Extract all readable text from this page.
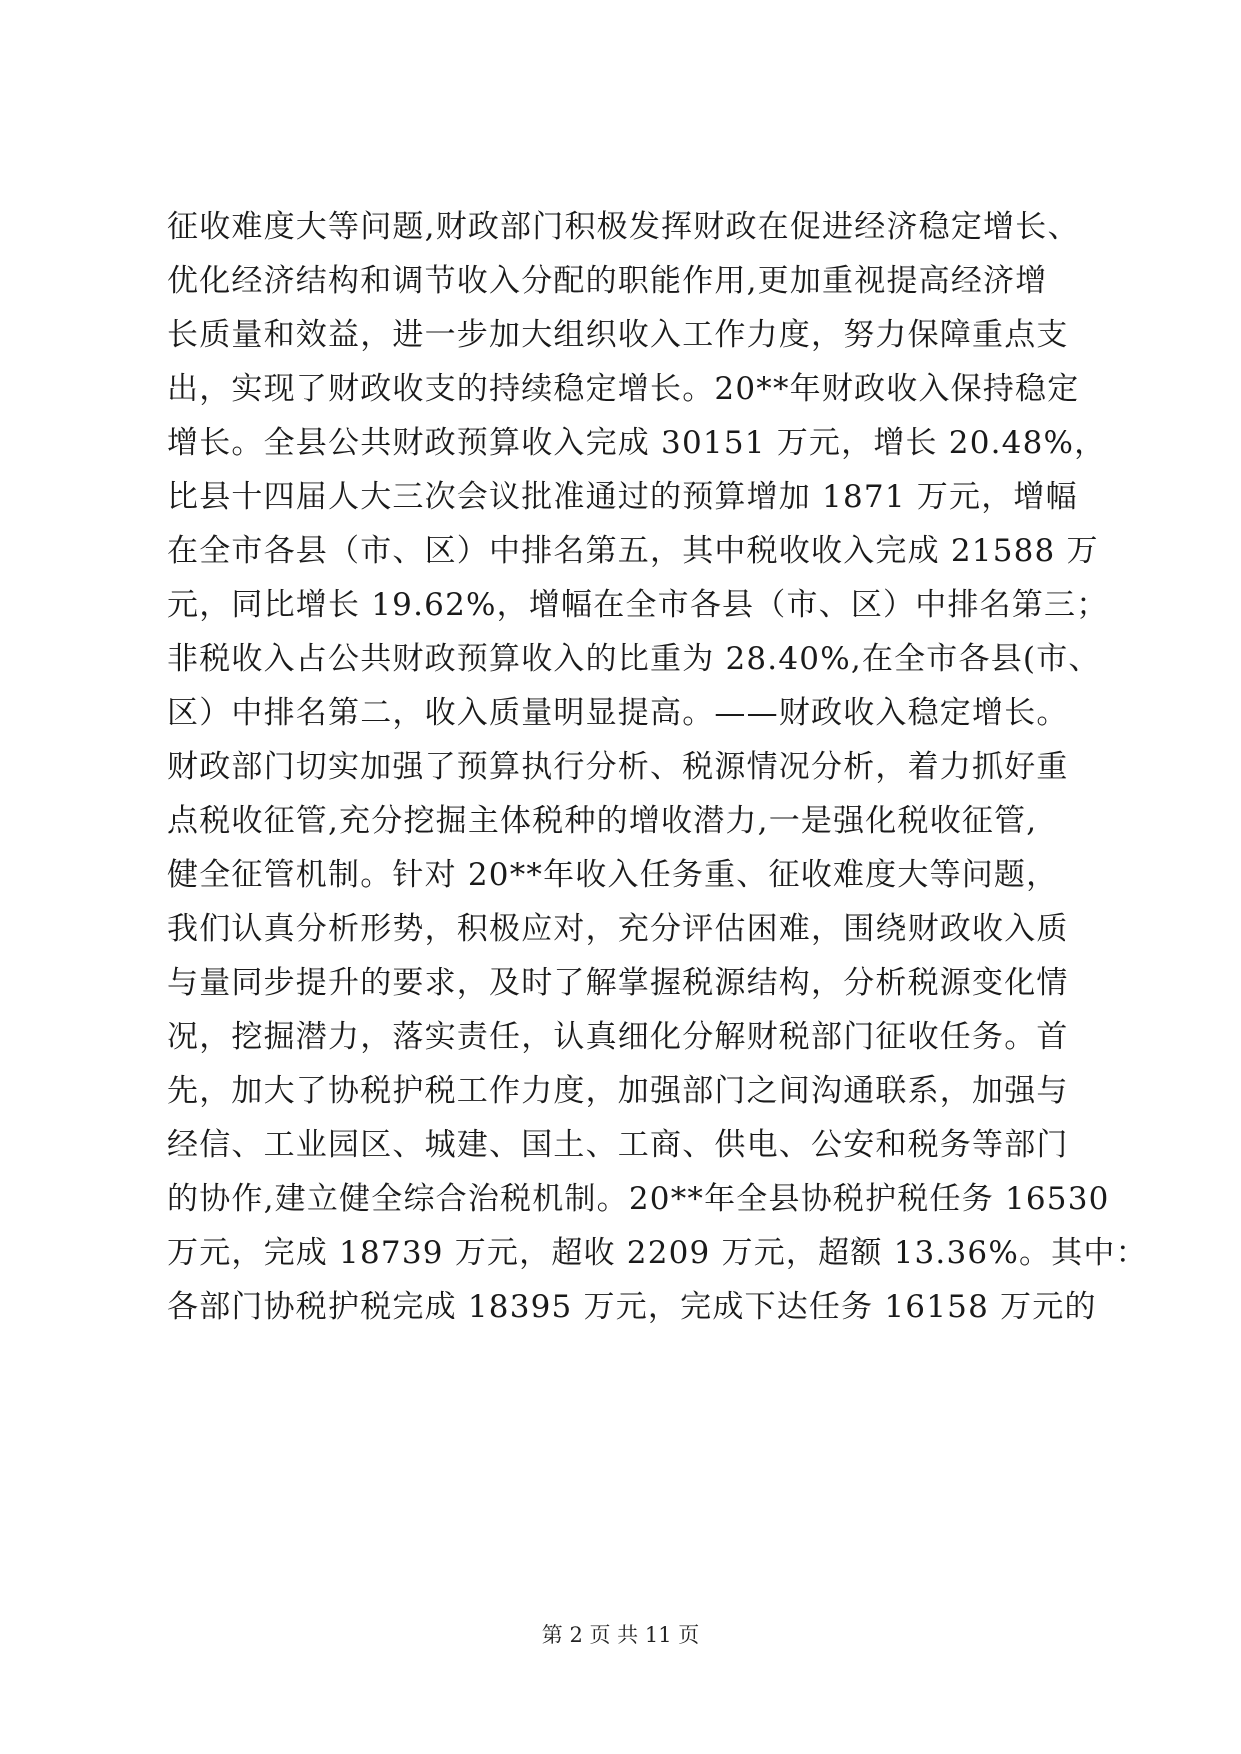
征收难度大等问题,财政部门积极发挥财政在促进经济稳定增长、
优化经济结构和调节收入分配的职能作用,更加重视提高经济增
长质量和效益，进一步加大组织收入工作力度，努力保障重点支
出，实现了财政收支的持续稳定增长。20**年财政收入保持稳定
增长。全县公共财政预算收入完成 30151 万元，增长 20.48%，
比县十四届人大三次会议批准通过的预算增加 1871 万元，增幅
在全市各县（市、区）中排名第五，其中税收收入完成 21588 万
元，同比增长 19.62%，增幅在全市各县（市、区）中排名第三；
非税收入占公共财政预算收入的比重为 28.40%,在全市各县(市、
区）中排名第二，收入质量明显提高。——财政收入稳定增长。
财政部门切实加强了预算执行分析、税源情况分析，着力抓好重
点税收征管,充分挖掘主体税种的增收潜力,一是强化税收征管,
健全征管机制。针对 20**年收入任务重、征收难度大等问题，
我们认真分析形势，积极应对，充分评估困难，围绕财政收入质
与量同步提升的要求，及时了解掌握税源结构，分析税源变化情
况，挖掘潜力，落实责任，认真细化分解财税部门征收任务。首
先，加大了协税护税工作力度，加强部门之间沟通联系，加强与
经信、工业园区、城建、国土、工商、供电、公安和税务等部门
的协作,建立健全综合治税机制。20**年全县协税护税任务 16530
万元，完成 18739 万元，超收 2209 万元，超额 13.36%。其中：
各部门协税护税完成 18395 万元，完成下达任务 16158 万元的
第 2 页 共 11 页
